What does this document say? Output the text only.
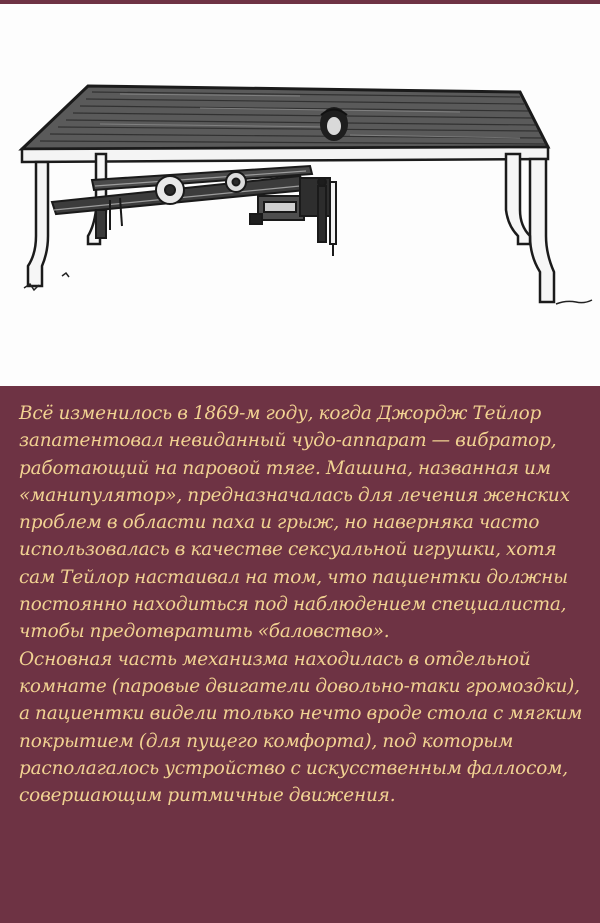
Всё изменилось в 1869-м году, когда Джордж Тейлор запатентовал невиданный чудо-аппарат — вибратор, работающий на паровой тяге. Машина, названная им «манипулятор», предназначалась для лечения женских проблем в области паха и грыж, но наверняка часто использовалась в качестве сексуальной игрушки, хотя сам Тейлор настаивал на том, что пациентки должны постоянно находиться под наблюдением специалиста, чтобы предотвратить «баловство».

Основная часть механизма находилась в отдельной комнате (паровые двигатели довольно-таки громоздки), а пациентки видели только нечто вроде стола с мягким покрытием (для пущего комфорта), под которым располагалось устройство с искусственным фаллосом, совершающим ритмичные движения.
